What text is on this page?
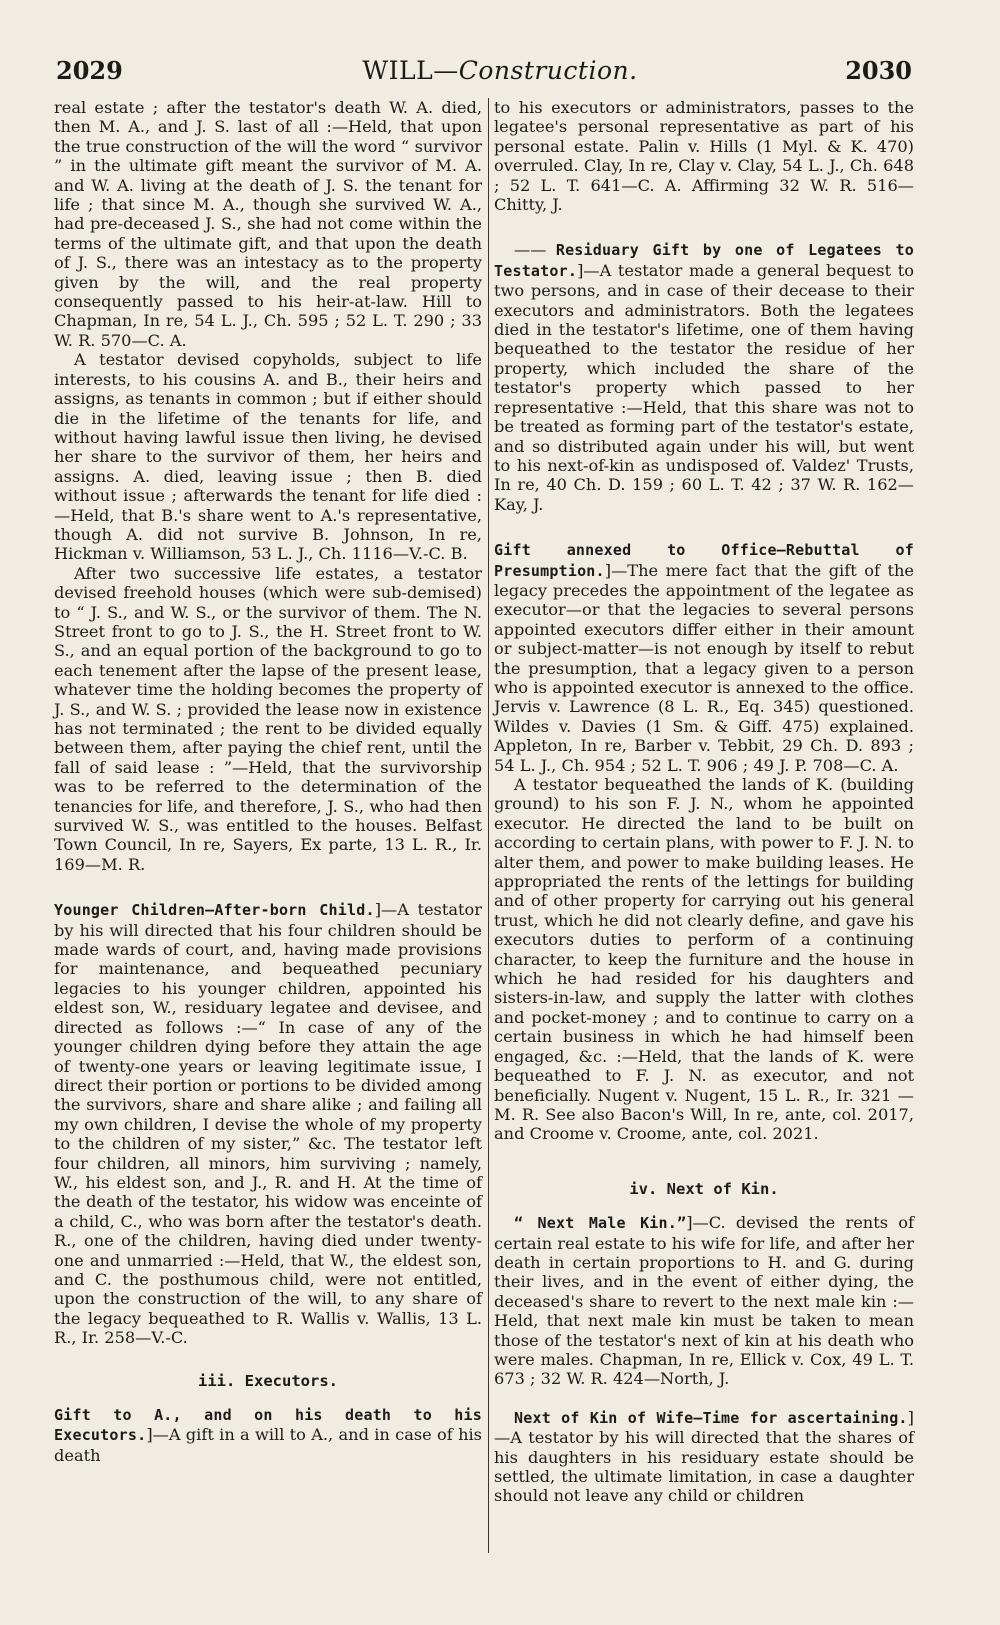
2029	WILL—Construction.	2030

real estate ; after the testator's death W. A. died, then M. A., and J. S. last of all :—Held, that upon the true construction of the will the word “ survivor ” in the ultimate gift meant the survivor of M. A. and W. A. living at the death of J. S. the tenant for life ; that since M. A., though she survived W. A., had pre-deceased J. S., she had not come within the terms of the ultimate gift, and that upon the death of J. S., there was an intestacy as to the property given by the will, and the real property consequently passed to his heir-at-law. Hill to Chapman, In re, 54 L. J., Ch. 595 ; 52 L. T. 290 ; 33 W. R. 570—C. A.

A testator devised copyholds, subject to life interests, to his cousins A. and B., their heirs and assigns, as tenants in common ; but if either should die in the lifetime of the tenants for life, and without having lawful issue then living, he devised her share to the survivor of them, her heirs and assigns. A. died, leaving issue ; then B. died without issue ; afterwards the tenant for life died :—Held, that B.'s share went to A.'s representative, though A. did not survive B. Johnson, In re, Hickman v. Williamson, 53 L. J., Ch. 1116—V.-C. B.

After two successive life estates, a testator devised freehold houses (which were sub-demised) to “ J. S., and W. S., or the survivor of them. The N. Street front to go to J. S., the H. Street front to W. S., and an equal portion of the background to go to each tenement after the lapse of the present lease, whatever time the holding becomes the property of J. S., and W. S. ; provided the lease now in existence has not terminated ; the rent to be divided equally between them, after paying the chief rent, until the fall of said lease : ”—Held, that the survivorship was to be referred to the determination of the tenancies for life, and therefore, J. S., who had then survived W. S., was entitled to the houses. Belfast Town Council, In re, Sayers, Ex parte, 13 L. R., Ir. 169—M. R.

Younger Children—After-born Child.]—A testator by his will directed that his four children should be made wards of court, and, having made provisions for maintenance, and bequeathed pecuniary legacies to his younger children, appointed his eldest son, W., residuary legatee and devisee, and directed as follows :—“ In case of any of the younger children dying before they attain the age of twenty-one years or leaving legitimate issue, I direct their portion or portions to be divided among the survivors, share and share alike ; and failing all my own children, I devise the whole of my property to the children of my sister,” &c. The testator left four children, all minors, him surviving ; namely, W., his eldest son, and J., R. and H. At the time of the death of the testator, his widow was enceinte of a child, C., who was born after the testator's death. R., one of the children, having died under twenty-one and unmarried :—Held, that W., the eldest son, and C. the posthumous child, were not entitled, upon the construction of the will, to any share of the legacy bequeathed to R. Wallis v. Wallis, 13 L. R., Ir. 258—V.-C.

iii. Executors.

Gift to A., and on his death to his Executors.]—A gift in a will to A., and in case of his death

to his executors or administrators, passes to the legatee's personal representative as part of his personal estate. Palin v. Hills (1 Myl. & K. 470) overruled. Clay, In re, Clay v. Clay, 54 L. J., Ch. 648 ; 52 L. T. 641—C. A. Affirming 32 W. R. 516—Chitty, J.

—— Residuary Gift by one of Legatees to Testator.]—A testator made a general bequest to two persons, and in case of their decease to their executors and administrators. Both the legatees died in the testator's lifetime, one of them having bequeathed to the testator the residue of her property, which included the share of the testator's property which passed to her representative :—Held, that this share was not to be treated as forming part of the testator's estate, and so distributed again under his will, but went to his next-of-kin as undisposed of. Valdez' Trusts, In re, 40 Ch. D. 159 ; 60 L. T. 42 ; 37 W. R. 162—Kay, J.

Gift annexed to Office—Rebuttal of Presumption.]—The mere fact that the gift of the legacy precedes the appointment of the legatee as executor—or that the legacies to several persons appointed executors differ either in their amount or subject-matter—is not enough by itself to rebut the presumption, that a legacy given to a person who is appointed executor is annexed to the office. Jervis v. Lawrence (8 L. R., Eq. 345) questioned. Wildes v. Davies (1 Sm. & Giff. 475) explained. Appleton, In re, Barber v. Tebbit, 29 Ch. D. 893 ; 54 L. J., Ch. 954 ; 52 L. T. 906 ; 49 J. P. 708—C. A.

A testator bequeathed the lands of K. (building ground) to his son F. J. N., whom he appointed executor. He directed the land to be built on according to certain plans, with power to F. J. N. to alter them, and power to make building leases. He appropriated the rents of the lettings for building and of other property for carrying out his general trust, which he did not clearly define, and gave his executors duties to perform of a continuing character, to keep the furniture and the house in which he had resided for his daughters and sisters-in-law, and supply the latter with clothes and pocket-money ; and to continue to carry on a certain business in which he had himself been engaged, &c. :—Held, that the lands of K. were bequeathed to F. J. N. as executor, and not beneficially. Nugent v. Nugent, 15 L. R., Ir. 321 — M. R. See also Bacon's Will, In re, ante, col. 2017, and Croome v. Croome, ante, col. 2021.

iv. Next of Kin.

“ Next Male Kin.”]—C. devised the rents of certain real estate to his wife for life, and after her death in certain proportions to H. and G. during their lives, and in the event of either dying, the deceased's share to revert to the next male kin :—Held, that next male kin must be taken to mean those of the testator's next of kin at his death who were males. Chapman, In re, Ellick v. Cox, 49 L. T. 673 ; 32 W. R. 424—North, J.

Next of Kin of Wife—Time for ascertaining.]—A testator by his will directed that the shares of his daughters in his residuary estate should be settled, the ultimate limitation, in case a daughter should not leave any child or children
